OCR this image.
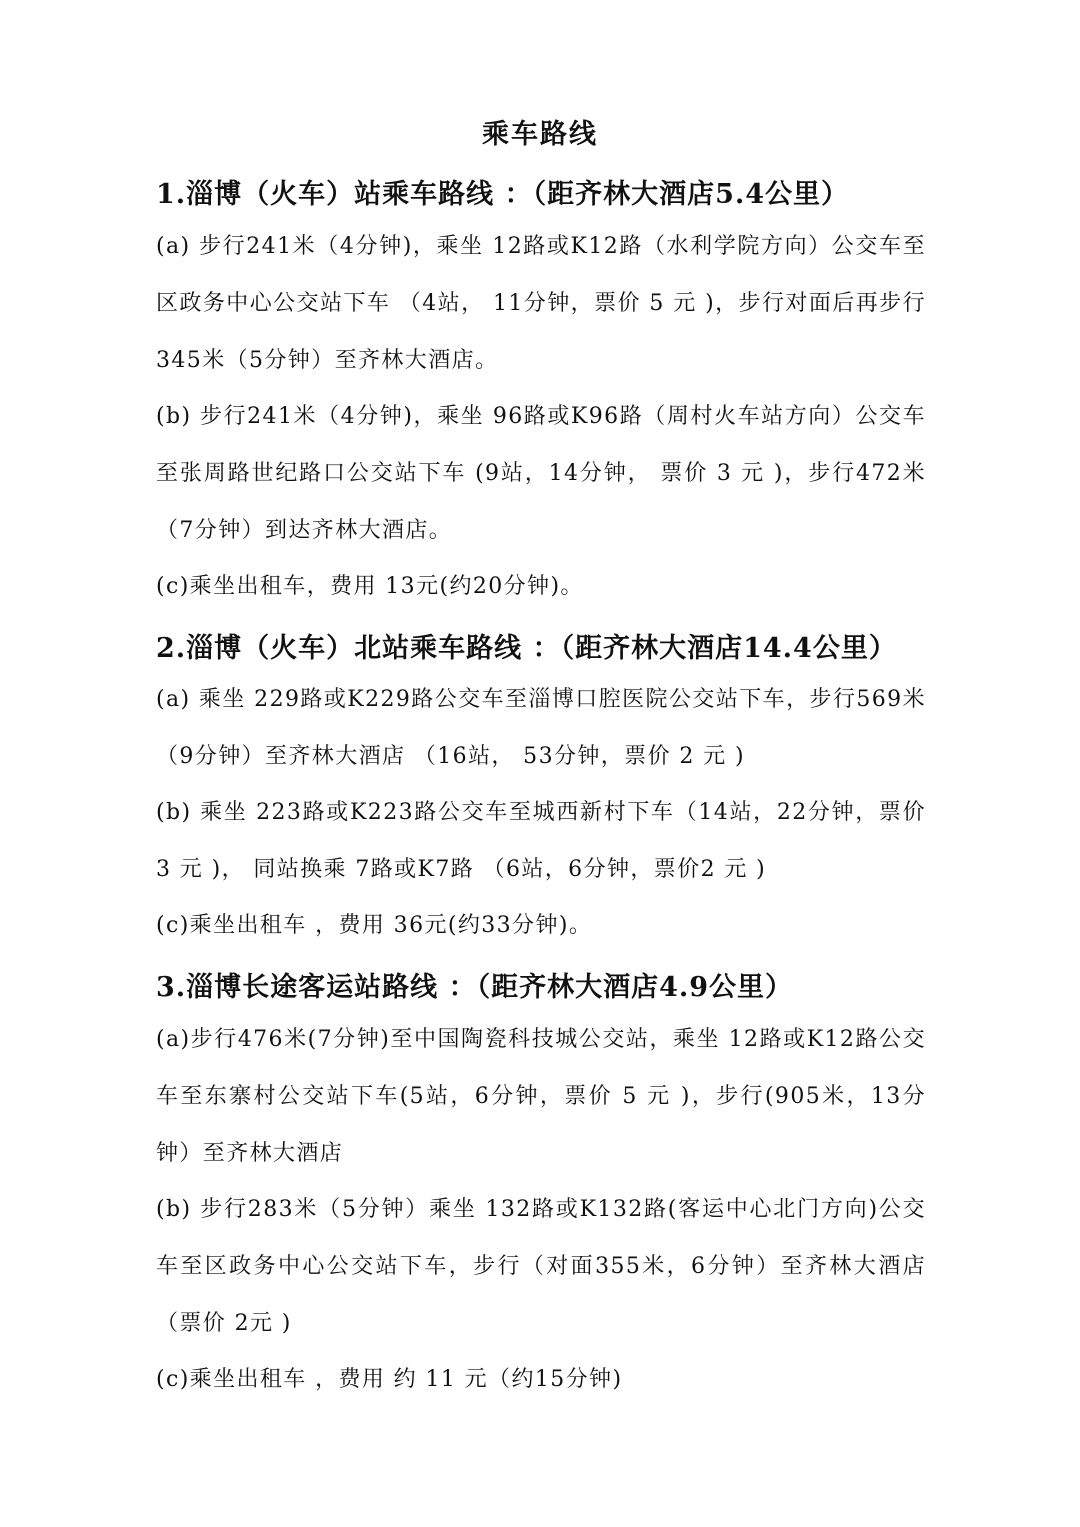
乘车路线
1.淄博（火车）站乘车路线 ：（距齐林大酒店5.4公里）
(a) 步行241米（4分钟)，乘坐 12路或K12路（水利学院方向）公交车至区政务中心公交站下车 （4站， 11分钟，票价 5 元 )，步行对面后再步行345米（5分钟）至齐林大酒店。
(b) 步行241米（4分钟)，乘坐 96路或K96路（周村火车站方向）公交车至张周路世纪路口公交站下车 (9站，14分钟， 票价 3 元 )，步行472米（7分钟）到达齐林大酒店。
(c)乘坐出租车，费用 13元(约20分钟)。
2.淄博（火车）北站乘车路线 ：（距齐林大酒店14.4公里）
(a) 乘坐 229路或K229路公交车至淄博口腔医院公交站下车，步行569米（9分钟）至齐林大酒店 （16站， 53分钟，票价 2 元 )
(b) 乘坐 223路或K223路公交车至城西新村下车（14站，22分钟，票价 3 元 )， 同站换乘 7路或K7路 （6站，6分钟，票价2 元 )
(c)乘坐出租车 ，费用 36元(约33分钟)。
3.淄博长途客运站路线 ：（距齐林大酒店4.9公里）
(a)步行476米(7分钟)至中国陶瓷科技城公交站，乘坐 12路或K12路公交车至东寨村公交站下车(5站，6分钟，票价 5 元 )，步行(905米，13分钟）至齐林大酒店
(b) 步行283米（5分钟）乘坐 132路或K132路(客运中心北门方向)公交车至区政务中心公交站下车，步行（对面355米，6分钟）至齐林大酒店 （票价 2元 )
(c)乘坐出租车 ，费用 约 11 元（约15分钟)
